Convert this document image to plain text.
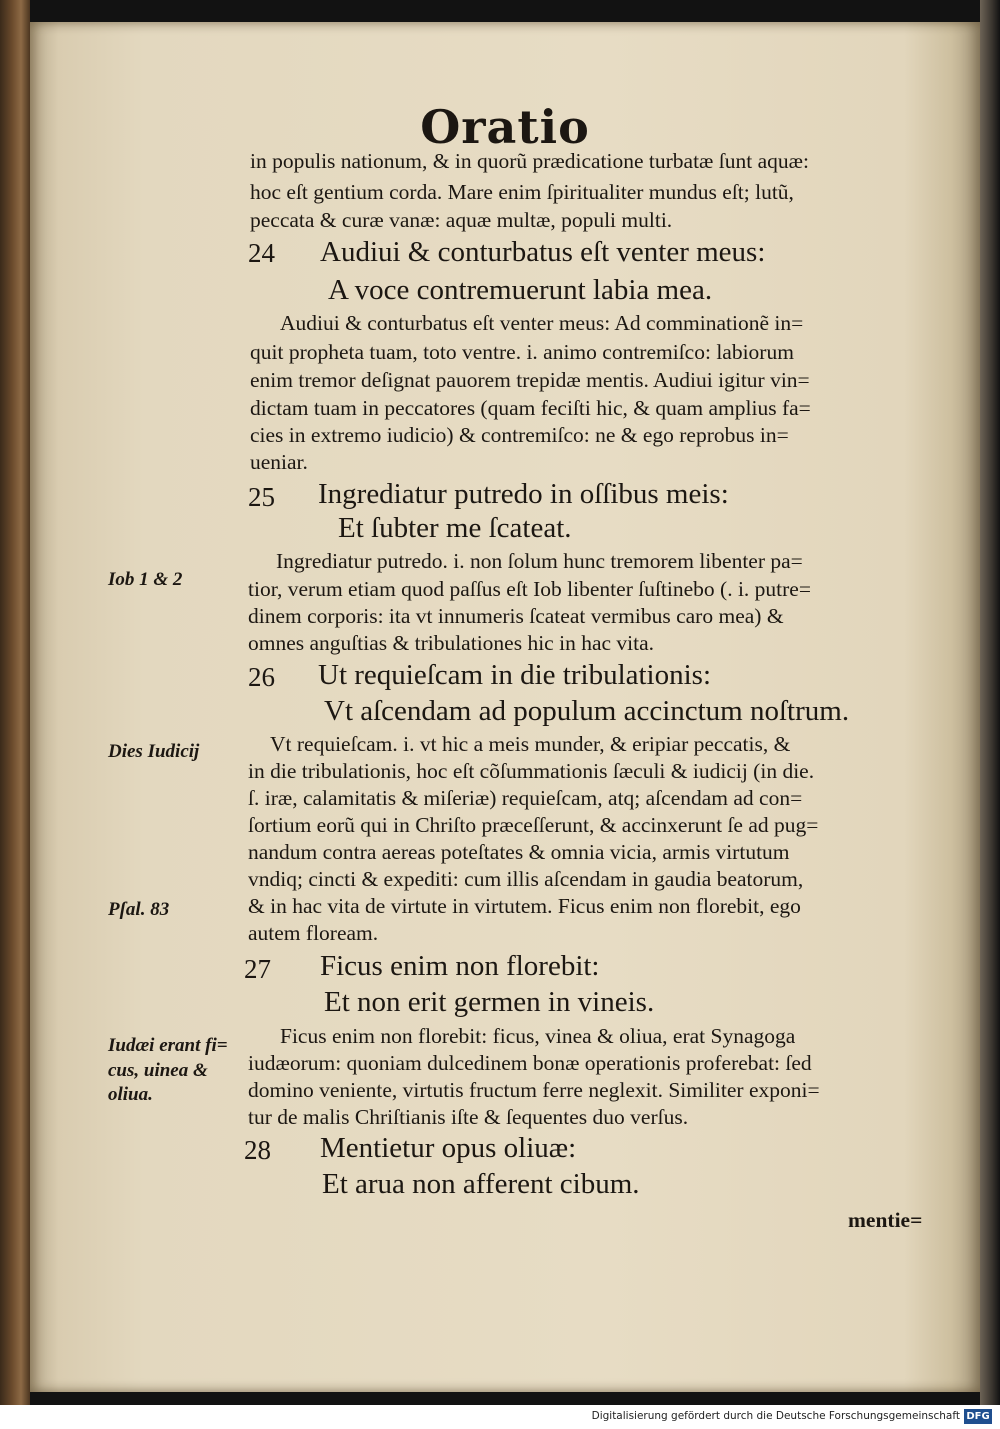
Oratio
in populis nationum, & in quorũ prædicatione turbatæ ſunt aquæ:
hoc eſt gentium corda. Mare enim ſpiritualiter mundus eſt; lutũ,
peccata & curæ vanæ: aquæ multæ, populi multi.
24 Audiui & conturbatus eſt venter meus:
A voce contremuerunt labia mea.
Audiui & conturbatus eſt venter meus: Ad comminationẽ in=
quit propheta tuam, toto ventre. i. animo contremiſco: labiorum
enim tremor deſignat pauorem trepidæ mentis. Audiui igitur vin=
dictam tuam in peccatores (quam feciſti hic, & quam amplius fa=
cies in extremo iudicio) & contremiſco: ne & ego reprobus in=
ueniar.
25 Ingrediatur putredo in oſſibus meis:
Et ſubter me ſcateat.
Ingrediatur putredo. i. non ſolum hunc tremorem libenter pa=
tior, verum etiam quod paſſus eſt Iob libenter ſuſtinebo (. i. putre=
dinem corporis: ita vt innumeris ſcateat vermibus caro mea) &
omnes anguſtias & tribulationes hic in hac vita.
26 Ut requieſcam in die tribulationis:
Vt aſcendam ad populum accinctum noſtrum.
Vt requieſcam. i. vt hic a meis munder, & eripiar peccatis, &
in die tribulationis, hoc eſt cõſummationis ſæculi & iudicij (in die.
ſ. iræ, calamitatis & miſeriæ) requieſcam, atq; aſcendam ad con=
ſortium eorũ qui in Chriſto præceſſerunt, & accinxerunt ſe ad pug=
nandum contra aereas poteſtates & omnia vicia, armis virtutum
vndiq; cincti & expediti: cum illis aſcendam in gaudia beatorum,
& in hac vita de virtute in virtutem. Ficus enim non florebit, ego
autem floream.
27 Ficus enim non florebit:
Et non erit germen in vineis.
Ficus enim non florebit: ficus, vinea & oliua, erat Synagoga
iudæorum: quoniam dulcedinem bonæ operationis proferebat: ſed
domino veniente, virtutis fructum ferre neglexit. Similiter exponi=
tur de malis Chriſtianis iſte & ſequentes duo verſus.
28 Mentietur opus oliuæ:
Et arua non afferent cibum.
mentie=
Iob 1 & 2
Dies Iudicij
Pſal. 83
Iudæi erant fi=
cus, uinea &
oliua.
Digitalisierung gefördert durch die Deutsche Forschungsgemeinschaft DFG
